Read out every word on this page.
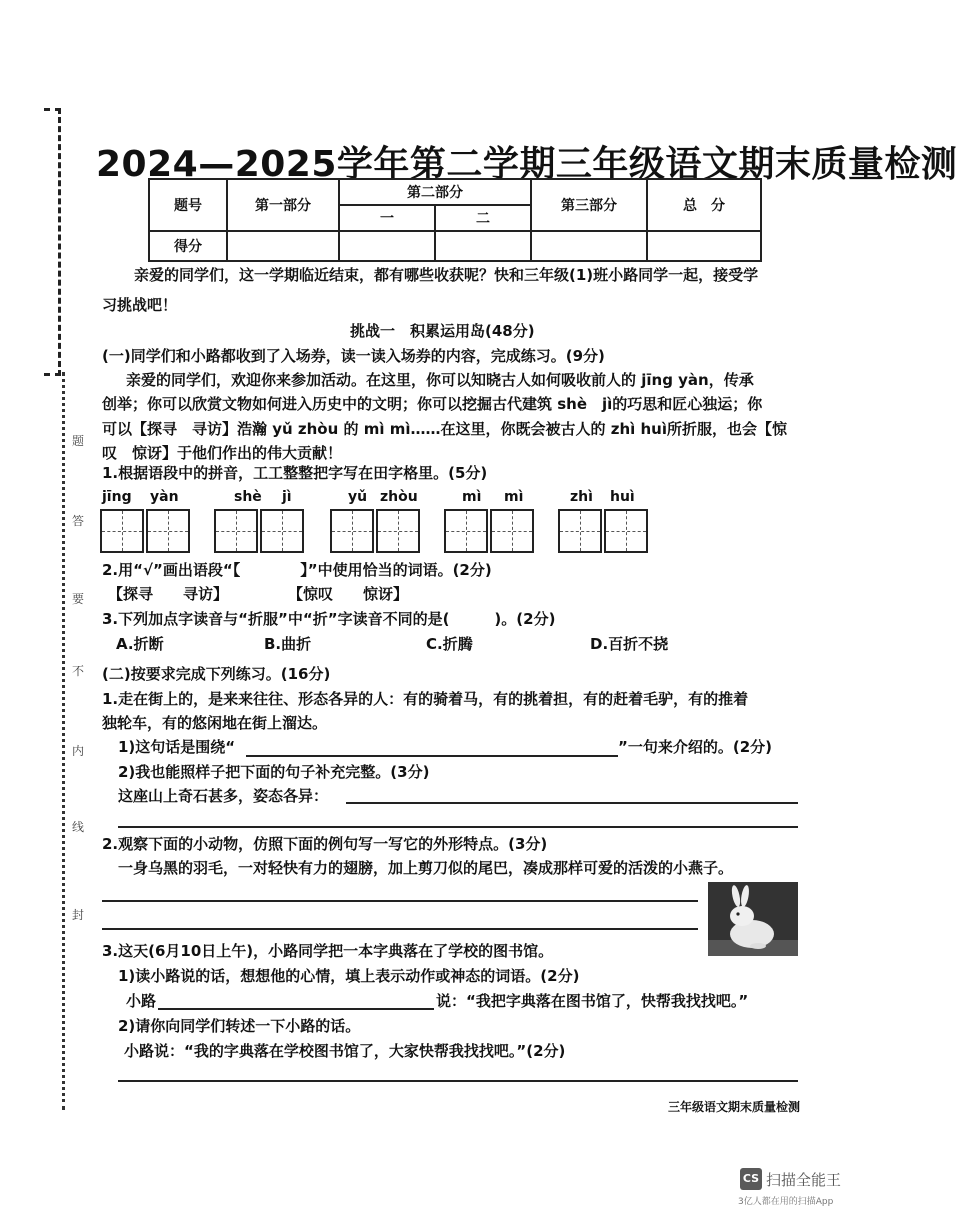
题
答
要
不
内
线
封
2024—2025学年第二学期三年级语文期末质量检测
题号	第一部分	第二部分		第三部分	总　分
		一	二		
得分					
亲爱的同学们，这一学期临近结束，都有哪些收获呢？快和三年级(1)班小路同学一起，接受学
习挑战吧！
挑战一　积累运用岛(48分)
(一)同学们和小路都收到了入场券，读一读入场券的内容，完成练习。(9分)
亲爱的同学们，欢迎你来参加活动。在这里，你可以知晓古人如何吸收前人的 jīng yàn，传承
创举；你可以欣赏文物如何进入历史中的文明；你可以挖掘古代建筑 shè　jì的巧思和匠心独运；你
可以【探寻　寻访】浩瀚 yǔ zhòu 的 mì mì……在这里，你既会被古人的 zhì huì所折服，也会【惊
叹　惊讶】于他们作出的伟大贡献！
1.根据语段中的拼音，工工整整把字写在田字格里。(5分)
jīng yàn	shè jì	yǔ zhòu	mì mì	zhì huì
2.用“√”画出语段“【　　　　】”中使用恰当的词语。(2分)
【探寻　　寻访】	【惊叹　　惊讶】
3.下列加点字读音与“折服”中“折”字读音不同的是(　　　)。(2分)
A.折断	B.曲折	C.折腾	D.百折不挠
(二)按要求完成下列练习。(16分)
1.走在街上的，是来来往往、形态各异的人：有的骑着马，有的挑着担，有的赶着毛驴，有的推着
独轮车，有的悠闲地在街上溜达。
1)这句话是围绕“	”一句来介绍的。(2分)
2)我也能照样子把下面的句子补充完整。(3分)
这座山上奇石甚多，姿态各异：
2.观察下面的小动物，仿照下面的例句写一写它的外形特点。(3分)
一身乌黑的羽毛，一对轻快有力的翅膀，加上剪刀似的尾巴，凑成那样可爱的活泼的小燕子。
3.这天(6月10日上午)，小路同学把一本字典落在了学校的图书馆。
1)读小路说的话，想想他的心情，填上表示动作或神态的词语。(2分)
小路	说：“我把字典落在图书馆了，快帮我找找吧。”
2)请你向同学们转述一下小路的话。
小路说：“我的字典落在学校图书馆了，大家快帮我找找吧。”(2分)
三年级语文期末质量检测
CS 扫描全能王
3亿人都在用的扫描App
